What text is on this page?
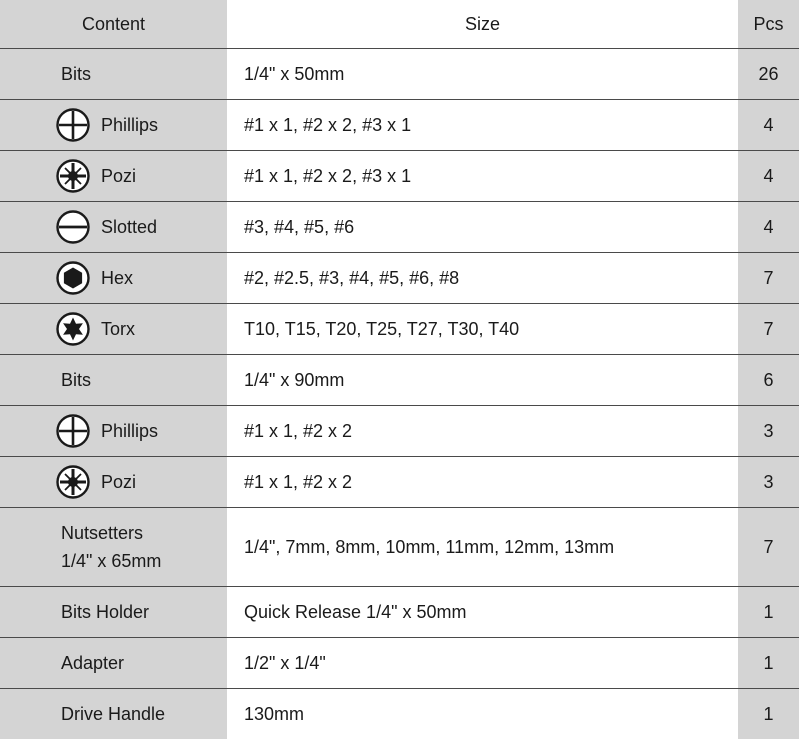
Content	Size	Pcs
Bits	1/4" x 50mm	26

Phillips	#1 x 1, #2 x 2, #3 x 1	4

Pozi	#1 x 1, #2 x 2, #3 x 1	4

Slotted	#3, #4, #5, #6	4

Hex	#2, #2.5, #3, #4, #5, #6, #8	7

Torx	T10, T15, T20, T25, T27, T30, T40	7
Bits	1/4" x 90mm	6

Phillips	#1 x 1, #2 x 2	3

Pozi	#1 x 1, #2 x 2	3

Nutsetters
1/4" x 65mm	1/4", 7mm, 8mm, 10mm, 11mm, 12mm, 13mm	7
Bits Holder	Quick Release 1/4" x 50mm	1
Adapter	1/2" x 1/4"	1
Drive Handle	130mm	1
